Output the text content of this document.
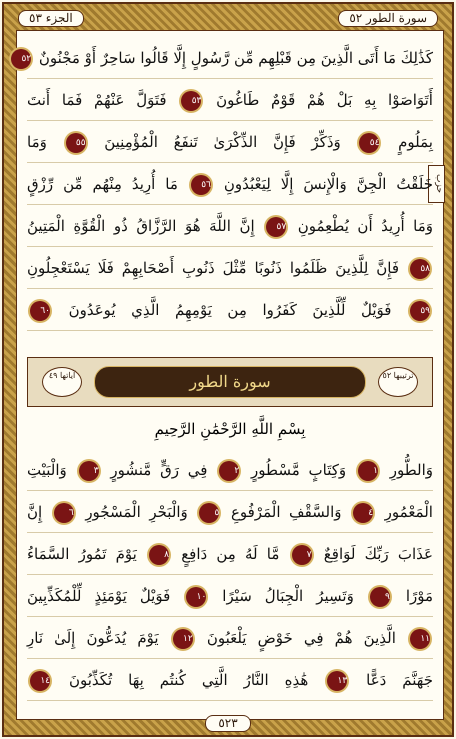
الجزء ٥٣	سورة الطور ٥٢
حزب
كَذَٰلِكَ مَا أَتَى الَّذِينَ مِن قَبْلِهِم مِّن رَّسُولٍ إِلَّا قَالُوا سَاحِرٌ أَوْ مَجْنُونٌ ٥٢
أَتَوَاصَوْا بِهِ بَلْ هُمْ قَوْمٌ طَاغُونَ ٥٣ فَتَوَلَّ عَنْهُمْ فَمَا أَنتَ
بِمَلُومٍ ٥٤ وَذَكِّرْ فَإِنَّ الذِّكْرَىٰ تَنفَعُ الْمُؤْمِنِينَ ٥٥ وَمَا
خَلَقْتُ الْجِنَّ وَالْإِنسَ إِلَّا لِيَعْبُدُونِ ٥٦ مَا أُرِيدُ مِنْهُم مِّن رِّزْقٍ
وَمَا أُرِيدُ أَن يُطْعِمُونِ ٥٧ إِنَّ اللَّهَ هُوَ الرَّزَّاقُ ذُو الْقُوَّةِ الْمَتِينُ
٥٨ فَإِنَّ لِلَّذِينَ ظَلَمُوا ذَنُوبًا مِّثْلَ ذَنُوبِ أَصْحَابِهِمْ فَلَا يَسْتَعْجِلُونِ
٥٩ فَوَيْلٌ لِّلَّذِينَ كَفَرُوا مِن يَوْمِهِمُ الَّذِي يُوعَدُونَ ٦٠
آياتها ٤٩	سورة الطور	ترتيبها ٥٢
بِسْمِ اللَّهِ الرَّحْمَٰنِ الرَّحِيمِ
وَالطُّورِ ١ وَكِتَابٍ مَّسْطُورٍ ٢ فِي رَقٍّ مَّنشُورٍ ٣ وَالْبَيْتِ
الْمَعْمُورِ ٤ وَالسَّقْفِ الْمَرْفُوعِ ٥ وَالْبَحْرِ الْمَسْجُورِ ٦ إِنَّ
عَذَابَ رَبِّكَ لَوَاقِعٌ ٧ مَّا لَهُ مِن دَافِعٍ ٨ يَوْمَ تَمُورُ السَّمَاءُ
مَوْرًا ٩ وَتَسِيرُ الْجِبَالُ سَيْرًا ١٠ فَوَيْلٌ يَوْمَئِذٍ لِّلْمُكَذِّبِينَ
١١ الَّذِينَ هُمْ فِي خَوْضٍ يَلْعَبُونَ ١٢ يَوْمَ يُدَعُّونَ إِلَىٰ نَارِ
جَهَنَّمَ دَعًّا ١٣ هَٰذِهِ النَّارُ الَّتِي كُنتُم بِهَا تُكَذِّبُونَ ١٤
٥٢٣
